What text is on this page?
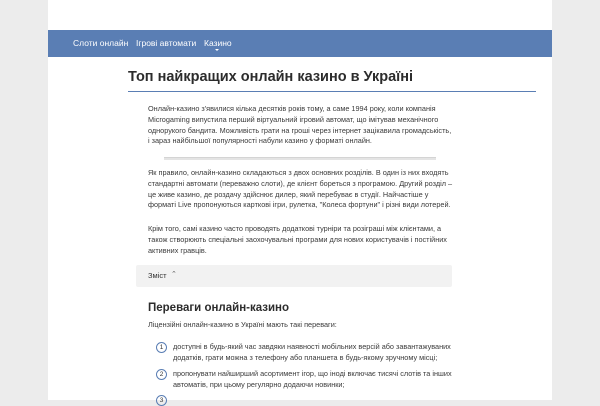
Слоти онлайн Ігрові автомати Казино
Топ найкращих онлайн казино в Україні

Онлайн-казино з'явилися кілька десятків років тому, а саме 1994 року, коли компанія Microgaming випустила перший віртуальний ігровий автомат, що імітував механічного однорукого бандита. Можливість грати на гроші через інтернет зацікавила громадськість, і зараз найбільшої популярності набули казино у форматі онлайн.

Як правило, онлайн-казино складаються з двох основних розділів. В один із них входять стандартні автомати (переважно слоти), де клієнт бореться з програмою. Другий розділ – це живе казино, де роздачу здійснює дилер, який перебуває в студії. Найчастіше у форматі Live пропонуються карткові ігри, рулетка, "Колеса фортуни" і різні види лотерей.

Крім того, самі казино часто проводять додаткові турніри та розіграші між клієнтами, а також створюють спеціальні заохочувальні програми для нових користувачів і постійних активних гравців.

Зміст ⌃
Переваги онлайн-казино

Ліцензійні онлайн-казино в Україні мають такі переваги:

1	доступні в будь-який час завдяки наявності мобільних версій або завантажуваних додатків, грати можна з телефону або планшета в будь-якому зручному місці;
2	пропонувати найширший асортимент ігор, що іноді включає тисячі слотів та інших автоматів, при цьому регулярно додаючи новинки;
3
